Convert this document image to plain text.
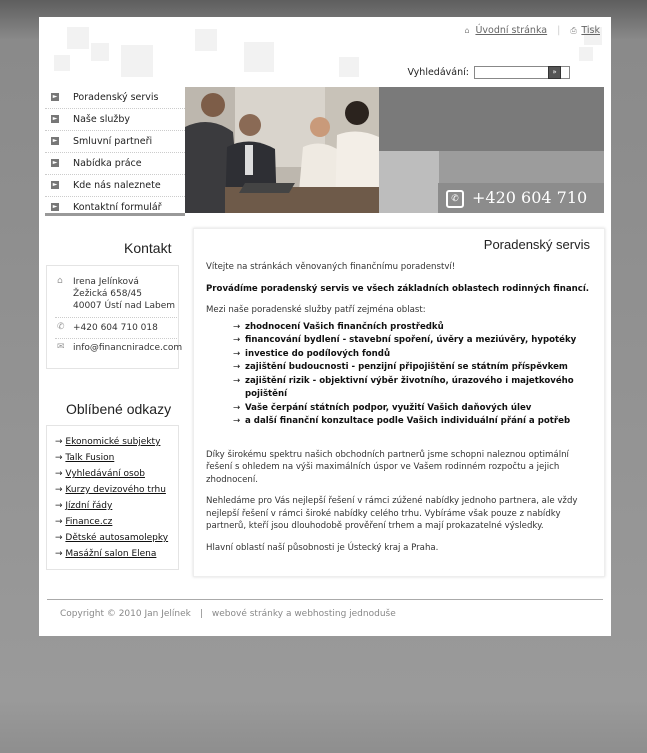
⌂ Úvodní stránka | ⎙ Tisk
Vyhledávání:	»
► Poradenský servis
► Naše služby
► Smluvní partneři
► Nabídka práce
► Kde nás naleznete
► Kontaktní formulář
✆ +420 604 710
Kontakt
⌂ Irena Jelínková
Žežická 658/45
40007 Ústí nad Labem
✆ +420 604 710 018
✉ info@financniradce.com
Oblíbené odkazy
→ Ekonomické subjekty
→ Talk Fusion
→ Vyhledávání osob
→ Kurzy devizového trhu
→ Jízdní řády
→ Finance.cz
→ Dětské autosamolepky
→ Masážní salon Elena
Poradenský servis

Vítejte na stránkách věnovaných finančnímu poradenství!

Provádíme poradenský servis ve všech základních oblastech rodinných financí.

Mezi naše poradenské služby patří zejména oblast:

→ zhodnocení Vašich finančních prostředků
→ financování bydlení - stavební spoření, úvěry a meziúvěry, hypotéky
→ investice do podílových fondů
→ zajištění budoucnosti - penzijní připojištění se státním příspěvkem
→ zajištění rizik - objektivní výběr životního, úrazového i majetkového pojištění
→ Vaše čerpání státních podpor, využití Vašich daňových úlev
→ a další finanční konzultace podle Vašich individuální přání a potřeb

Díky širokému spektru našich obchodních partnerů jsme schopni naleznou optimální řešení s ohledem na výši maximálních úspor ve Vašem rodinném rozpočtu a jejich zhodnocení.

Nehledáme pro Vás nejlepší řešení v rámci zúžené nabídky jednoho partnera, ale vždy nejlepší řešení v rámci široké nabídky celého trhu. Vybíráme však pouze z nabídky partnerů, kteří jsou dlouhodobě prověření trhem a mají prokazatelné výsledky.

Hlavní oblastí naší působnosti je Ústecký kraj a Praha.

Copyright © 2010 Jan Jelínek | webové stránky a webhosting jednoduše
